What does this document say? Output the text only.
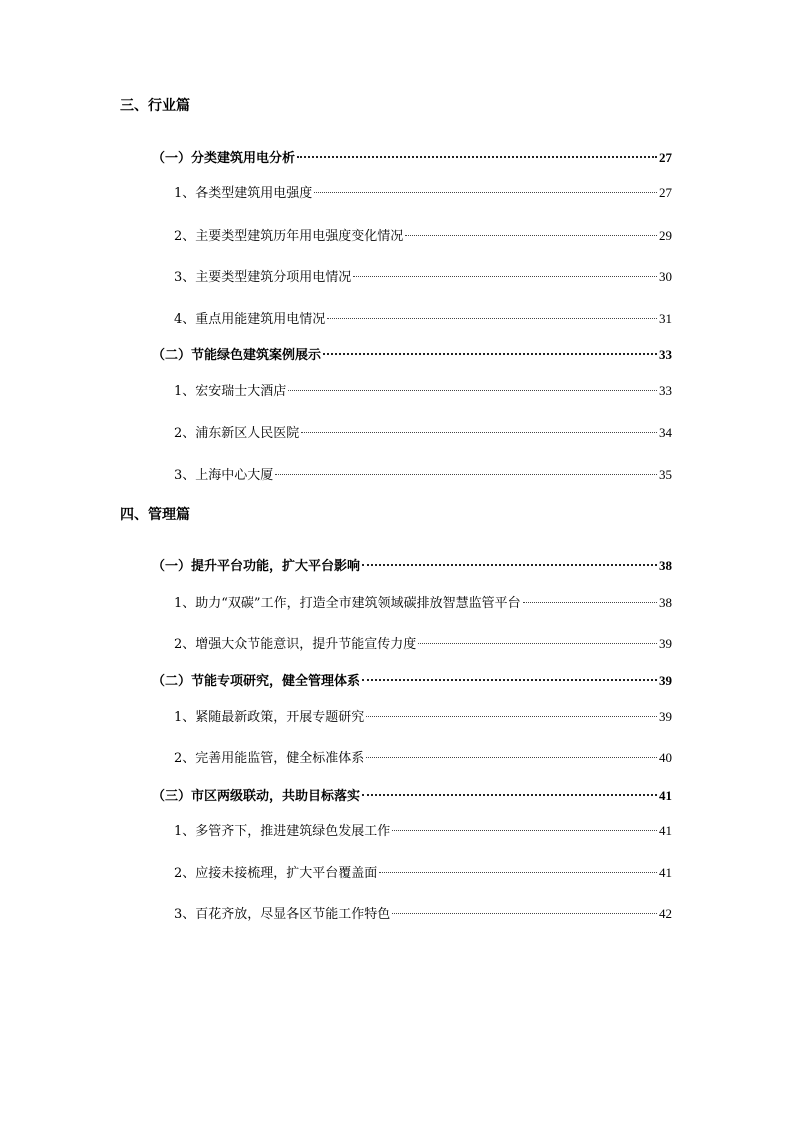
三、行业篇
（一）分类建筑用电分析	27
1、各类型建筑用电强度	27
2、主要类型建筑历年用电强度变化情况	29
3、主要类型建筑分项用电情况	30
4、重点用能建筑用电情况	31
（二）节能绿色建筑案例展示	33
1、宏安瑞士大酒店	33
2、浦东新区人民医院	34
3、上海中心大厦	35
四、管理篇
（一）提升平台功能，扩大平台影响	38
1、助力“双碳”工作，打造全市建筑领域碳排放智慧监管平台	38
2、增强大众节能意识，提升节能宣传力度	39
（二）节能专项研究，健全管理体系	39
1、紧随最新政策，开展专题研究	39
2、完善用能监管，健全标准体系	40
（三）市区两级联动，共助目标落实	41
1、多管齐下，推进建筑绿色发展工作	41
2、应接未接梳理，扩大平台覆盖面	41
3、百花齐放，尽显各区节能工作特色	42
